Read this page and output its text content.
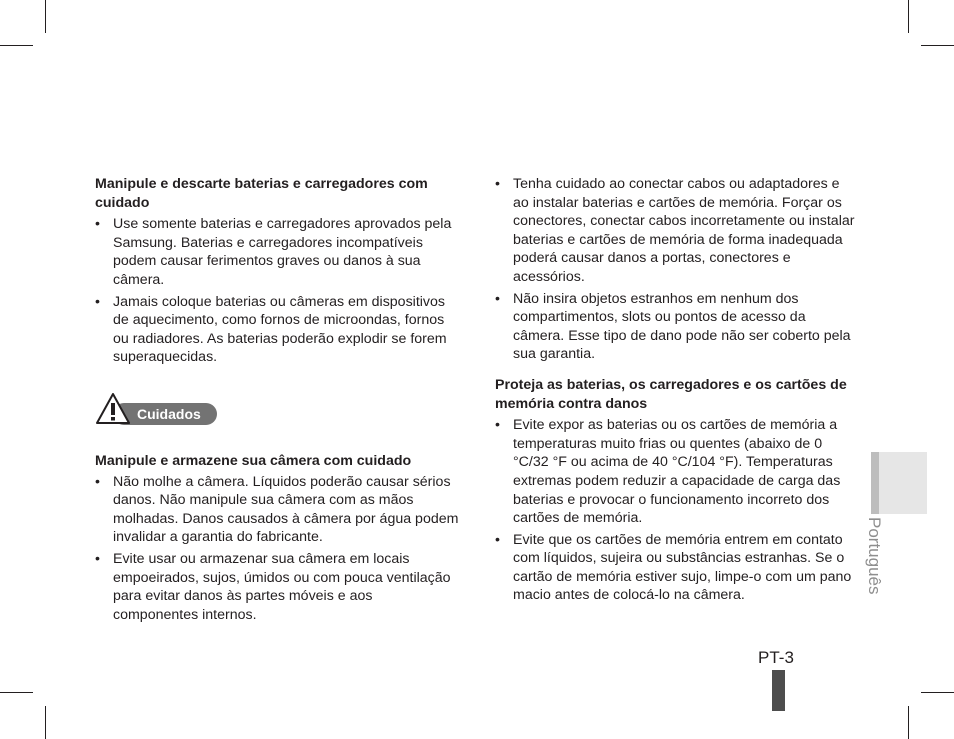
Manipule e descarte baterias e carregadores com cuidado

• Use somente baterias e carregadores aprovados pela Samsung. Baterias e carregadores incompatíveis podem causar ferimentos graves ou danos à sua câmera.
• Jamais coloque baterias ou câmeras em dispositivos de aquecimento, como fornos de microondas, fornos ou radiadores. As baterias poderão explodir se forem superaquecidas.
Cuidados

Manipule e armazene sua câmera com cuidado

• Não molhe a câmera. Líquidos poderão causar sérios danos. Não manipule sua câmera com as mãos molhadas. Danos causados à câmera por água podem invalidar a garantia do fabricante.
• Evite usar ou armazenar sua câmera em locais empoeirados, sujos, úmidos ou com pouca ventilação para evitar danos às partes móveis e aos componentes internos.
• Tenha cuidado ao conectar cabos ou adaptadores e ao instalar baterias e cartões de memória. Forçar os conectores, conectar cabos incorretamente ou instalar baterias e cartões de memória de forma inadequada poderá causar danos a portas, conectores e acessórios.
• Não insira objetos estranhos em nenhum dos compartimentos, slots ou pontos de acesso da câmera. Esse tipo de dano pode não ser coberto pela sua garantia.

Proteja as baterias, os carregadores e os cartões de memória contra danos

• Evite expor as baterias ou os cartões de memória a temperaturas muito frias ou quentes (abaixo de 0 °C/32 °F ou acima de 40 °C/104 °F). Temperaturas extremas podem reduzir a capacidade de carga das baterias e provocar o funcionamento incorreto dos cartões de memória.
• Evite que os cartões de memória entrem em contato com líquidos, sujeira ou substâncias estranhas. Se o cartão de memória estiver sujo, limpe-o com um pano macio antes de colocá-lo na câmera.
Português
PT-3
